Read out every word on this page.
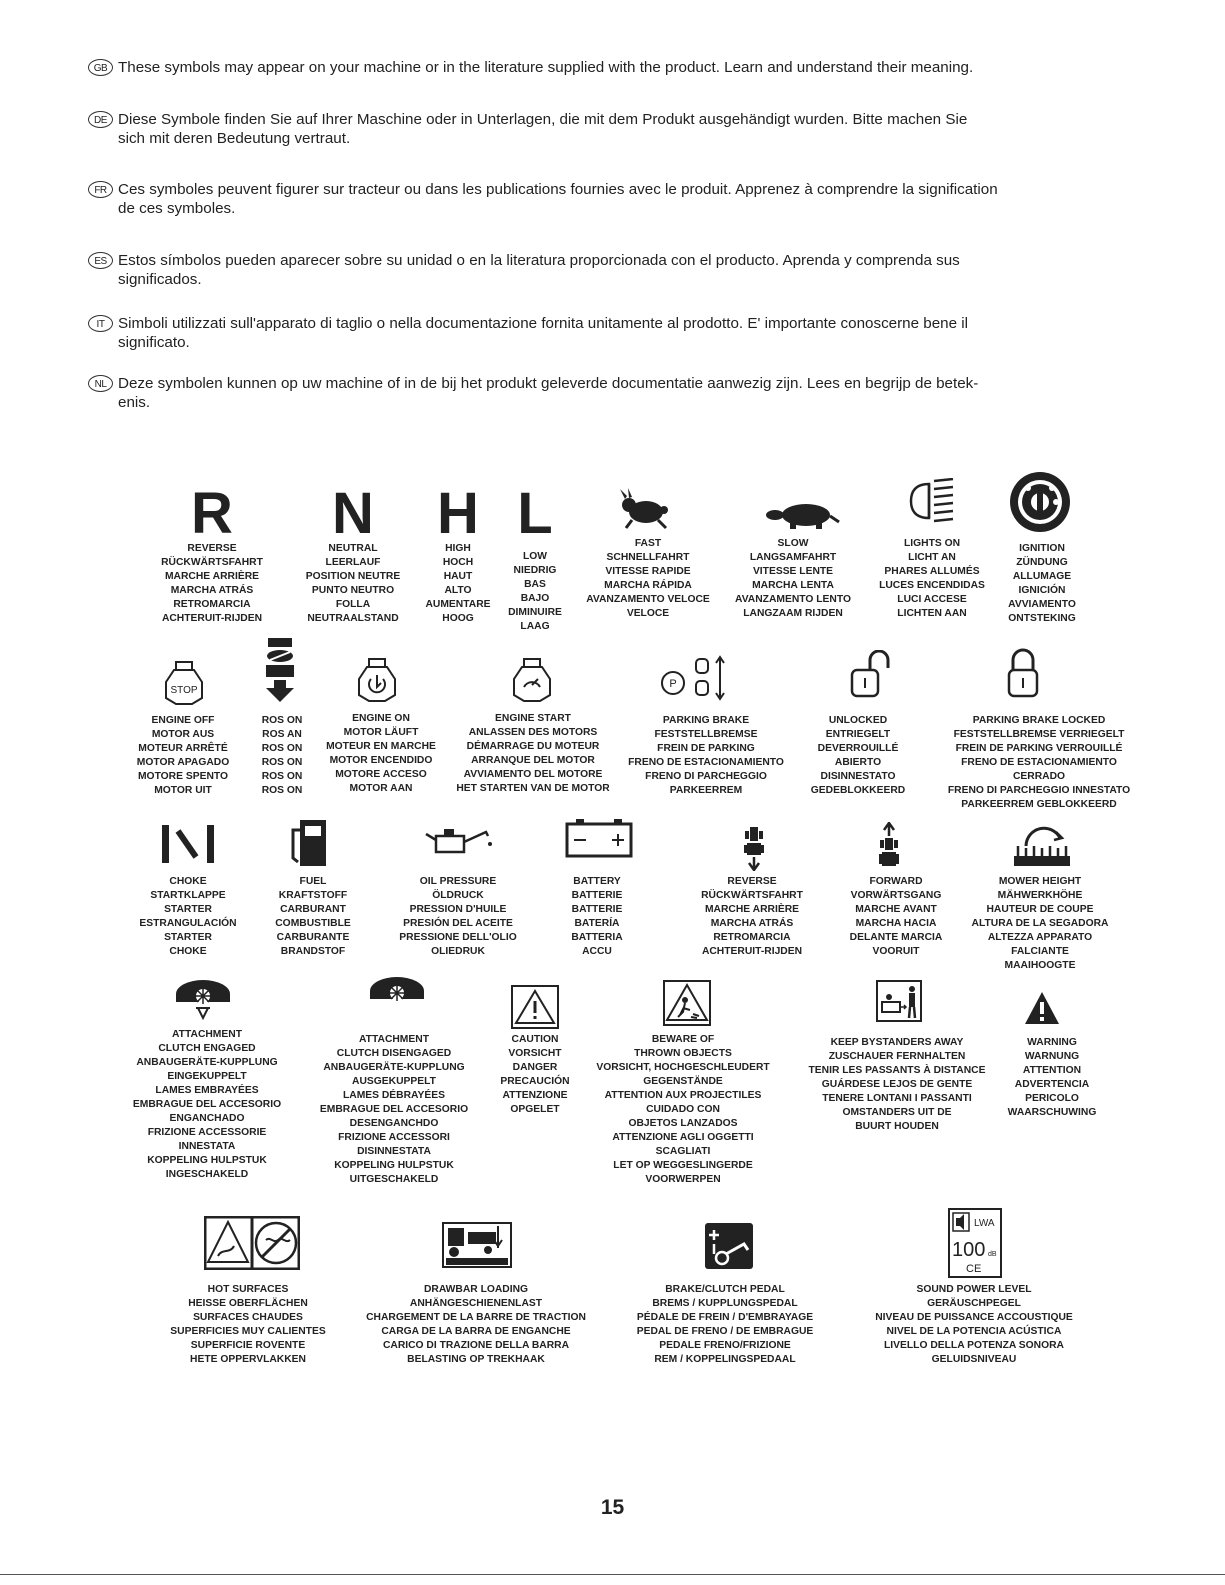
GB These symbols may appear on your machine or in the literature supplied with the product. Learn and understand their meaning.
DE Diese Symbole finden Sie auf Ihrer Maschine oder in Unterlagen, die mit dem Produkt ausgehändigt wurden. Bitte machen Sie
sich mit deren Bedeutung vertraut.
FR Ces symboles peuvent figurer sur tracteur ou dans les publications fournies avec le produit. Apprenez à comprendre la signification
de ces symboles.
ES Estos símbolos pueden aparecer sobre su unidad o en la literatura proporcionada con el producto. Aprenda y comprenda sus
significados.
IT Simboli utilizzati sull'apparato di taglio o nella documentazione fornita unitamente al prodotto. E' importante conoscerne bene il
significato.
NL Deze symbolen kunnen op uw machine of in de bij het produkt geleverde documentatie aanwezig zijn. Lees en begrijp de betek-
enis.
R
REVERSE
RÜCKWÄRTSFAHRT
MARCHE ARRIÈRE
MARCHA ATRÁS
RETROMARCIA
ACHTERUIT-RIJDEN
N
NEUTRAL
LEERLAUF
POSITION NEUTRE
PUNTO NEUTRO
FOLLA
NEUTRAALSTAND
H
HIGH
HOCH
HAUT
ALTO
AUMENTARE
HOOG
L
LOW
NIEDRIG
BAS
BAJO
DIMINUIRE
LAAG
FAST
SCHNELLFAHRT
VITESSE RAPIDE
MARCHA RÁPIDA
AVANZAMENTO VELOCE
VELOCE
SLOW
LANGSAMFAHRT
VITESSE LENTE
MARCHA LENTA
AVANZAMENTO LENTO
LANGZAAM RIJDEN
LIGHTS ON
LICHT AN
PHARES ALLUMÉS
LUCES ENCENDIDAS
LUCI ACCESE
LICHTEN AAN
IGNITION
ZÜNDUNG
ALLUMAGE
IGNICIÓN
AVVIAMENTO
ONTSTEKING
STOP
ENGINE OFF
MOTOR AUS
MOTEUR ARRÊTÉ
MOTOR APAGADO
MOTORE SPENTO
MOTOR UIT
ROS ON
ROS AN
ROS ON
ROS ON
ROS ON
ROS ON
ENGINE ON
MOTOR LÄUFT
MOTEUR EN MARCHE
MOTOR ENCENDIDO
MOTORE ACCESO
MOTOR AAN
ENGINE START
ANLASSEN DES MOTORS
DÉMARRAGE DU MOTEUR
ARRANQUE DEL MOTOR
AVVIAMENTO DEL MOTORE
HET STARTEN VAN DE MOTOR
P
PARKING BRAKE
FESTSTELLBREMSE
FREIN DE PARKING
FRENO DE ESTACIONAMIENTO
FRENO DI PARCHEGGIO
PARKEERREM
UNLOCKED
ENTRIEGELT
DEVERROUILLÉ
ABIERTO
DISINNESTATO
GEDEBLOKKEERD
PARKING BRAKE LOCKED
FESTSTELLBREMSE VERRIEGELT
FREIN DE PARKING VERROUILLÉ
FRENO DE ESTACIONAMIENTO
CERRADO
FRENO DI PARCHEGGIO INNESTATO
PARKEERREM GEBLOKKEERD
CHOKE
STARTKLAPPE
STARTER
ESTRANGULACIÓN
STARTER
CHOKE
FUEL
KRAFTSTOFF
CARBURANT
COMBUSTIBLE
CARBURANTE
BRANDSTOF
OIL PRESSURE
ÖLDRUCK
PRESSION D'HUILE
PRESIÓN DEL ACEITE
PRESSIONE DELL'OLIO
OLIEDRUK
BATTERY
BATTERIE
BATTERIE
BATERÍA
BATTERIA
ACCU
REVERSE
RÜCKWÄRTSFAHRT
MARCHE ARRIÈRE
MARCHA ATRÁS
RETROMARCIA
ACHTERUIT-RIJDEN
FORWARD
VORWÄRTSGANG
MARCHE AVANT
MARCHA HACIA
DELANTE MARCIA
VOORUIT
MOWER HEIGHT
MÄHWERKHÖHE
HAUTEUR DE COUPE
ALTURA DE LA SEGADORA
ALTEZZA APPARATO
FALCIANTE
MAAIHOOGTE
ATTACHMENT
CLUTCH ENGAGED
ANBAUGERÄTE-KUPPLUNG
EINGEKUPPELT
LAMES EMBRAYÉES
EMBRAGUE DEL ACCESORIO
ENGANCHADO
FRIZIONE ACCESSORIE
INNESTATA
KOPPELING HULPSTUK
INGESCHAKELD
ATTACHMENT
CLUTCH DISENGAGED
ANBAUGERÄTE-KUPPLUNG
AUSGEKUPPELT
LAMES DÉBRAYÉES
EMBRAGUE DEL ACCESORIO
DESENGANCHDO
FRIZIONE ACCESSORI
DISINNESTATA
KOPPELING HULPSTUK
UITGESCHAKELD
CAUTION
VORSICHT
DANGER
PRECAUCIÓN
ATTENZIONE
OPGELET
BEWARE OF
THROWN OBJECTS
VORSICHT, HOCHGESCHLEUDERT
GEGENSTÄNDE
ATTENTION AUX PROJECTILES
CUIDADO CON
OBJETOS LANZADOS
ATTENZIONE AGLI OGGETTI
SCAGLIATI
LET OP WEGGESLINGERDE
VOORWERPEN
KEEP BYSTANDERS AWAY
ZUSCHAUER FERNHALTEN
TENIR LES PASSANTS À DISTANCE
GUÁRDESE LEJOS DE GENTE
TENERE LONTANI I PASSANTI
OMSTANDERS UIT DE
BUURT HOUDEN
WARNING
WARNUNG
ATTENTION
ADVERTENCIA
PERICOLO
WAARSCHUWING
HOT SURFACES
HEISSE OBERFLÄCHEN
SURFACES CHAUDES
SUPERFICIES MUY CALIENTES
SUPERFICIE ROVENTE
HETE OPPERVLAKKEN
DRAWBAR LOADING
ANHÄNGESCHIENENLAST
CHARGEMENT DE LA BARRE DE TRACTION
CARGA DE LA BARRA DE ENGANCHE
CARICO DI TRAZIONE DELLA BARRA
BELASTING OP TREKHAAK
BRAKE/CLUTCH PEDAL
BREMS / KUPPLUNGSPEDAL
PÉDALE DE FREIN / D'EMBRAYAGE
PEDAL DE FRENO / DE EMBRAGUE
PEDALE FRENO/FRIZIONE
REM / KOPPELINGSPEDAAL
LWA
100 dB
CE
SOUND POWER LEVEL
GERÄUSCHPEGEL
NIVEAU DE PUISSANCE ACCOUSTIQUE
NIVEL DE LA POTENCIA ACÚSTICA
LIVELLO DELLA POTENZA SONORA
GELUIDSNIVEAU
15
